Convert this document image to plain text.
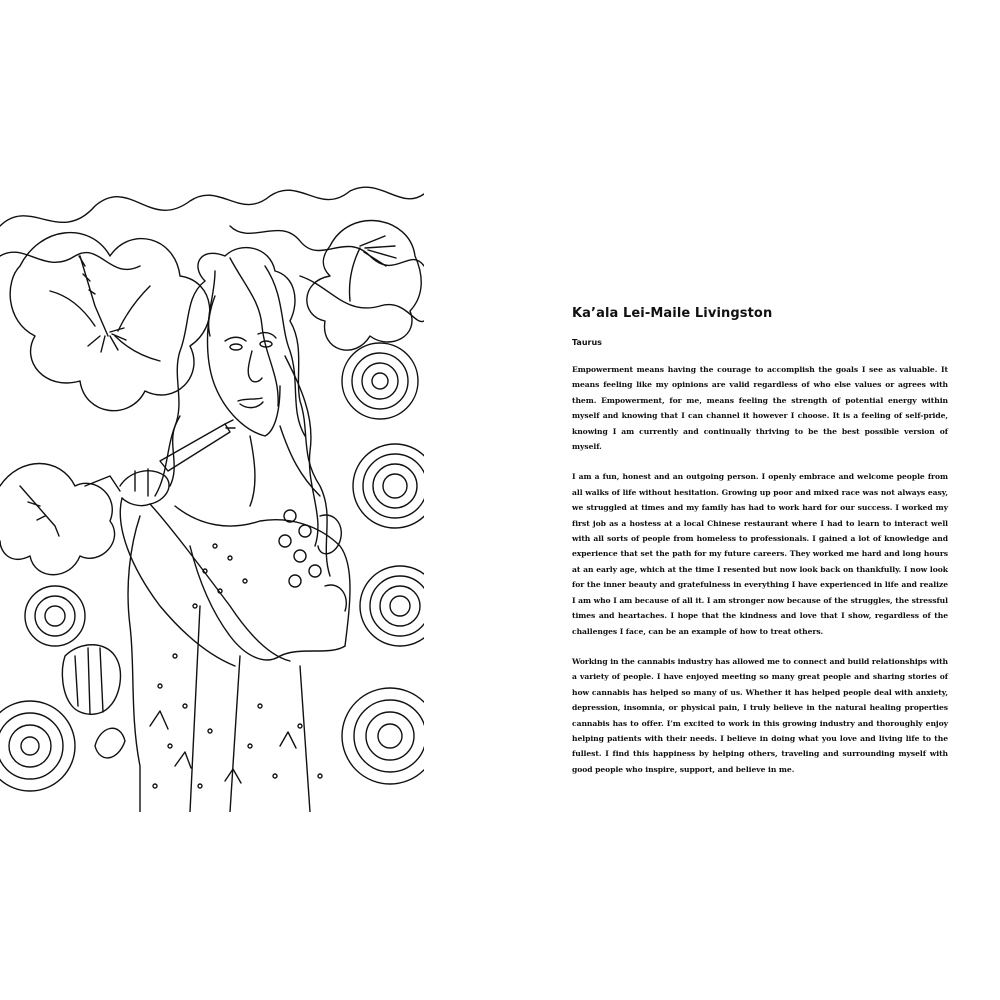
Ka’ala Lei-Maile Livingston
Taurus

Empowerment means having the courage to accomplish the goals I see as valuable. It means feeling like my opinions are valid regardless of who else values or agrees with them. Empowerment, for me, means feeling the strength of potential energy within myself and knowing that I can channel it however I choose. It is a feeling of self-pride, knowing I am currently and continually thriving to be the best possible version of myself.

I am a fun, honest and an outgoing person. I openly embrace and welcome people from all walks of life without hesitation. Growing up poor and mixed race was not always easy, we struggled at times and my family has had to work hard for our success. I worked my first job as a hostess at a local Chinese restaurant where I had to learn to interact well with all sorts of people from homeless to professionals. I gained a lot of knowledge and experience that set the path for my future careers. They worked me hard and long hours at an early age, which at the time I resented but now look back on thankfully. I now look for the inner beauty and gratefulness in everything I have experienced in life and realize I am who I am because of all it. I am stronger now because of the struggles, the stressful times and heartaches. I hope that the kindness and love that I show, regardless of the challenges I face, can be an example of how to treat others.

Working in the cannabis industry has allowed me to connect and build relationships with a variety of people. I have enjoyed meeting so many great people and sharing stories of how cannabis has helped so many of us. Whether it has helped people deal with anxiety, depression, insomnia, or physical pain, I truly believe in the natural healing properties cannabis has to offer. I’m excited to work in this growing industry and thoroughly enjoy helping patients with their needs. I believe in doing what you love and living life to the fullest. I find this happiness by helping others, traveling and surrounding myself with good people who inspire, support, and believe in me.
